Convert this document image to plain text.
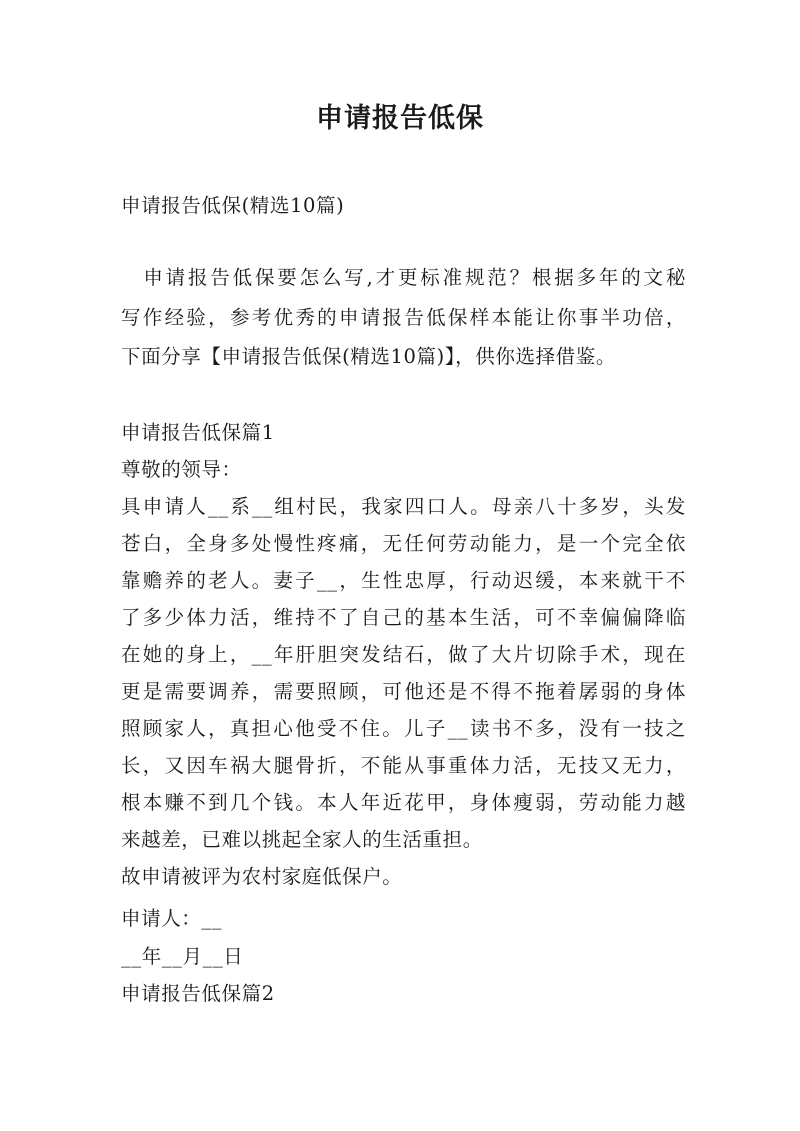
申请报告低保
申请报告低保(精选10篇)
　申请报告低保要怎么写,才更标准规范？根据多年的文秘
写作经验，参考优秀的申请报告低保样本能让你事半功倍，
下面分享【申请报告低保(精选10篇)】，供你选择借鉴。
申请报告低保篇1
尊敬的领导：
具申请人__系__组村民，我家四口人。母亲八十多岁，头发
苍白，全身多处慢性疼痛，无任何劳动能力，是一个完全依
靠赡养的老人。妻子__，生性忠厚，行动迟缓，本来就干不
了多少体力活，维持不了自己的基本生活，可不幸偏偏降临
在她的身上，__年肝胆突发结石，做了大片切除手术，现在
更是需要调养，需要照顾，可他还是不得不拖着孱弱的身体
照顾家人，真担心他受不住。儿子__读书不多，没有一技之
长，又因车祸大腿骨折，不能从事重体力活，无技又无力，
根本赚不到几个钱。本人年近花甲，身体瘦弱，劳动能力越
来越差，已难以挑起全家人的生活重担。
故申请被评为农村家庭低保户。
申请人：__
__年__月__日
申请报告低保篇2
